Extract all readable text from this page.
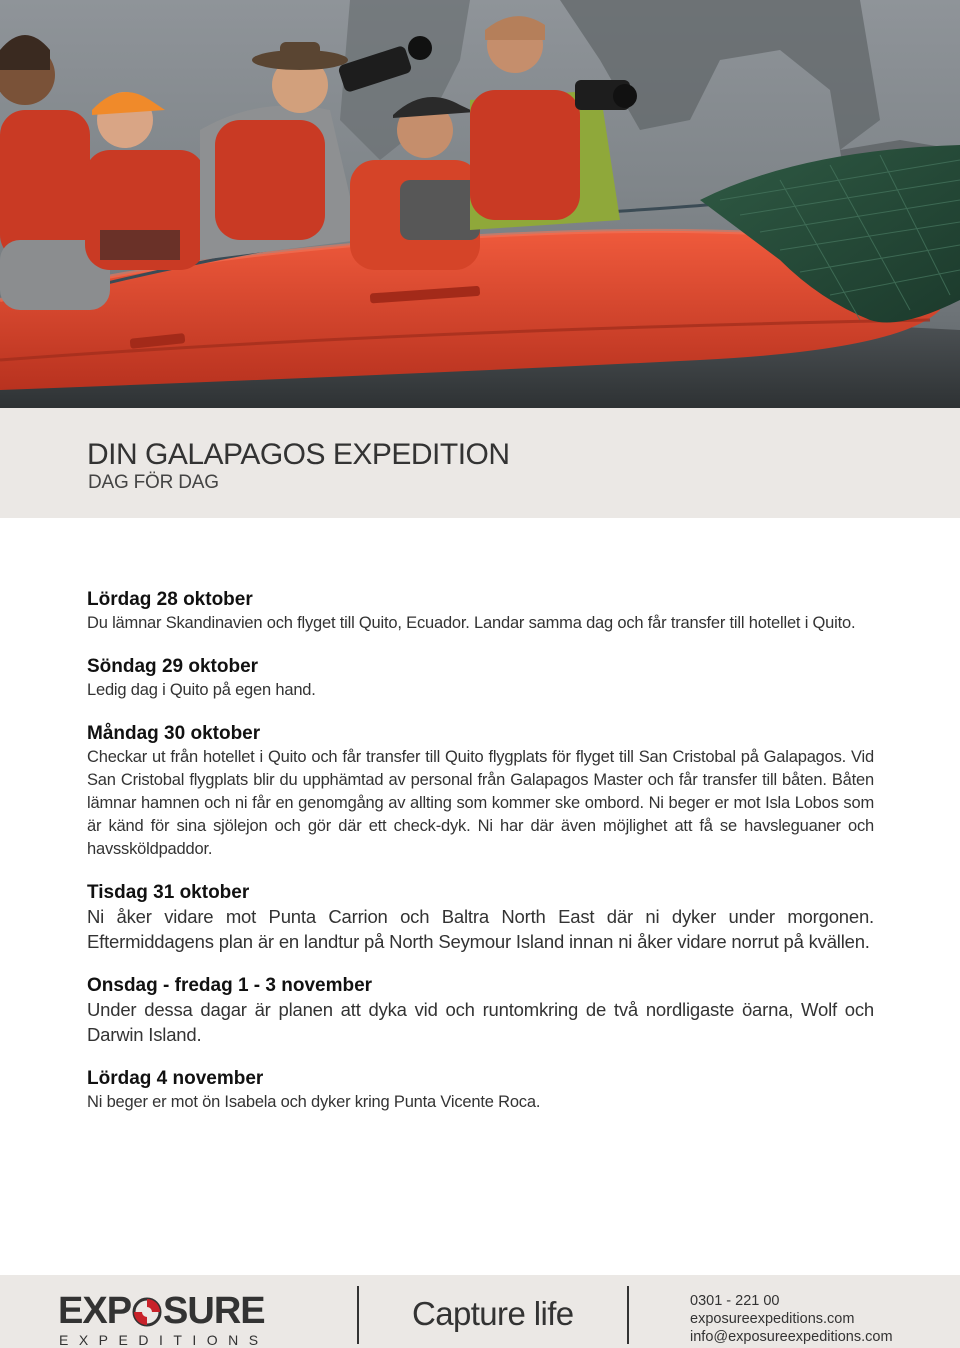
DIN GALAPAGOS EXPEDITION
DAG FÖR DAG
Lördag 28 oktober
Du lämnar Skandinavien och flyget till Quito, Ecuador. Landar samma dag och får transfer till hotellet i Quito.
Söndag 29 oktober
Ledig dag i Quito på egen hand.
Måndag 30 oktober
Checkar ut från hotellet i Quito och får transfer till Quito flygplats för flyget till San Cristobal på Galapagos. Vid San Cristobal flygplats blir du upphämtad av personal från Galapagos Master och får transfer till båten. Båten lämnar hamnen och ni får en genomgång av allting som kommer ske ombord. Ni beger er mot Isla Lobos som är känd för sina sjölejon och gör där ett check-dyk. Ni har där även möjlighet att få se havsleguaner och havssköldpaddor.
Tisdag 31 oktober
Ni åker vidare mot Punta Carrion och Baltra North East där ni dyker under morgonen. Eftermiddagens plan är en landtur på North Seymour Island innan ni åker vidare norrut på kvällen.
Onsdag - fredag 1 - 3 november
Under dessa dagar är planen att dyka vid och runtomkring de två nordligaste öarna, Wolf och Darwin Island.
Lördag 4 november
Ni beger er mot ön Isabela och dyker kring Punta Vicente Roca.
EXP SURE
EXPEDITIONS
Capture life	0301 - 221 00
exposureexpeditions.com
info@exposureexpeditions.com
